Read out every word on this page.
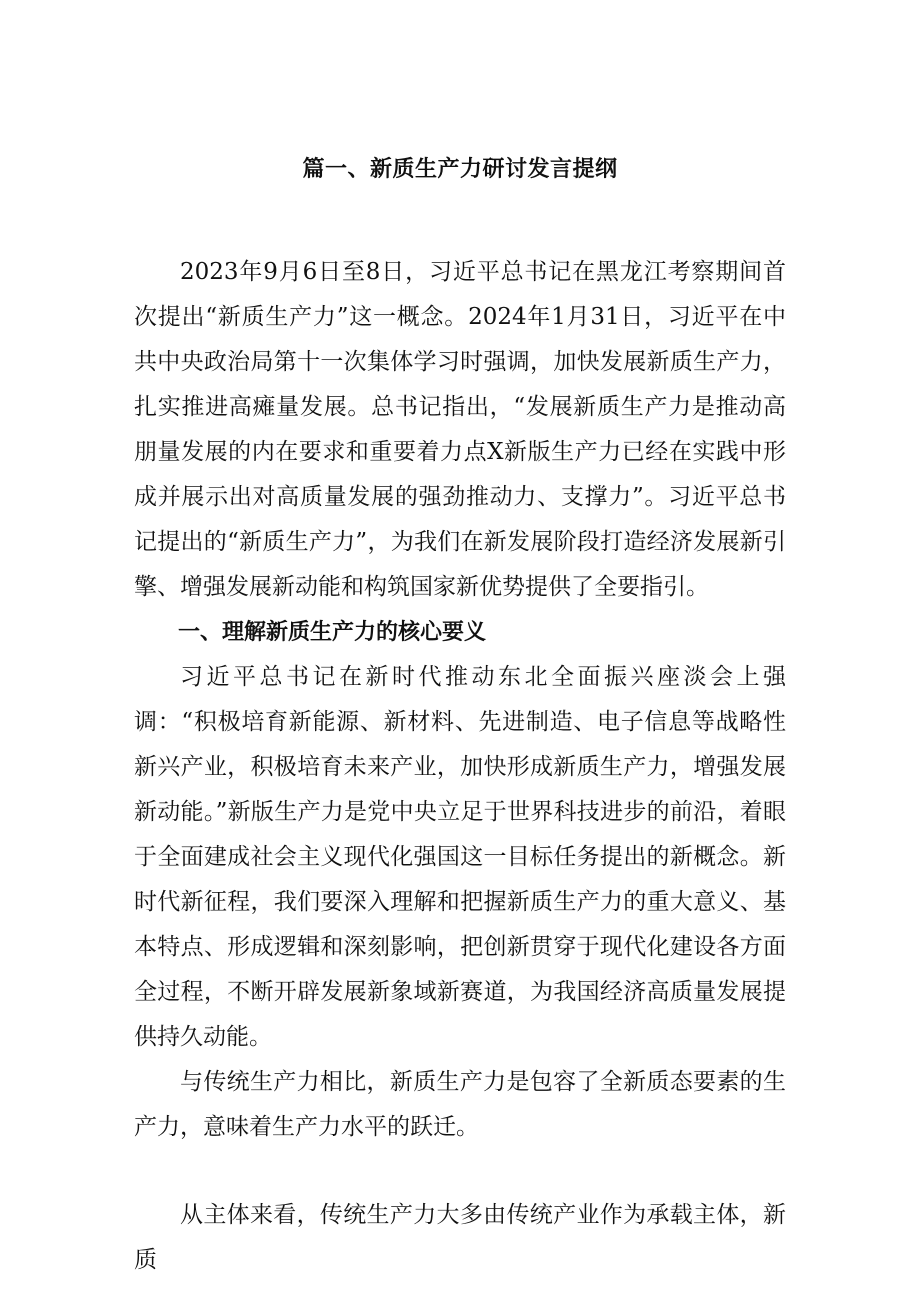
篇一、新质生产力研讨发言提纲

2023年9月6日至8日，习近平总书记在黑龙江考察期间首次提出“新质生产力”这一概念。2024年1月31日，习近平在中共中央政治局第十一次集体学习时强调，加快发展新质生产力，扎实推进高瘫量发展。总书记指出，“发展新质生产力是推动高朋量发展的内在要求和重要着力点X新版生产力已经在实践中形成并展示出对高质量发展的强劲推动力、支撑力”。习近平总书记提出的“新质生产力”，为我们在新发展阶段打造经济发展新引擎、增强发展新动能和构筑国家新优势提供了全要指引。

一、理解新质生产力的核心要义

习近平总书记在新时代推动东北全面振兴座淡会上强调：“积极培育新能源、新材料、先进制造、电子信息等战略性新兴产业，积极培育未来产业，加快形成新质生产力，增强发展新动能。”新版生产力是党中央立足于世界科技进步的前沿，着眼于全面建成社会主义现代化强国这一目标任务提出的新概念。新时代新征程，我们要深入理解和把握新质生产力的重大意义、基本特点、形成逻辑和深刻影响，把创新贯穿于现代化建设各方面全过程，不断开辟发展新象域新赛道，为我国经济高质量发展提供持久动能。

与传统生产力相比，新质生产力是包容了全新质态要素的生产力，意味着生产力水平的跃迁。

从主体来看，传统生产力大多由传统产业作为承载主体，新质
